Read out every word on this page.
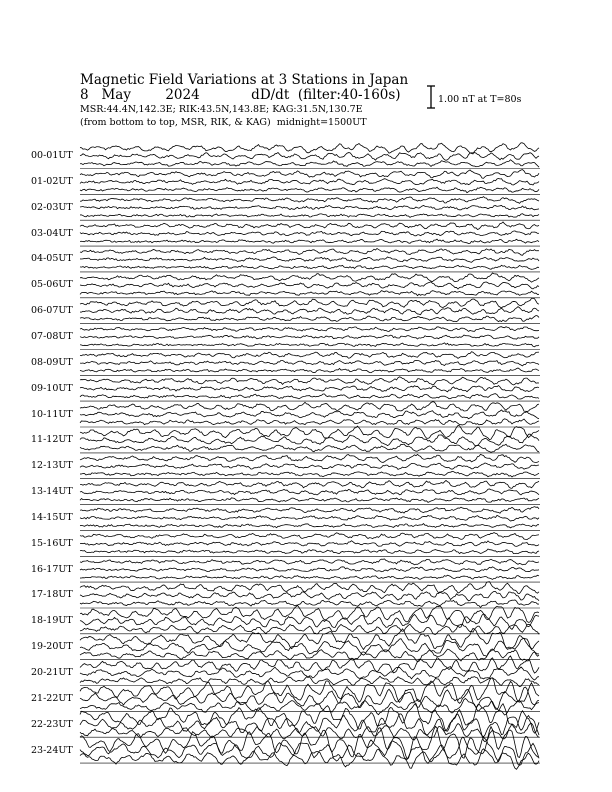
Magnetic Field Variations at 3 Stations in Japan
8 May	2024	dD/dt (filter:40-160s)
MSR:44.4N,142.3E; RIK:43.5N,143.8E; KAG:31.5N,130.7E
(from bottom to top, MSR, RIK, & KAG) midnight=1500UT
1.00 nT at T=80s
00-01UT
01-02UT
02-03UT
03-04UT
04-05UT
05-06UT
06-07UT
07-08UT
08-09UT
09-10UT
10-11UT
11-12UT
12-13UT
13-14UT
14-15UT
15-16UT
16-17UT
17-18UT
18-19UT
19-20UT
20-21UT
21-22UT
22-23UT
23-24UT
